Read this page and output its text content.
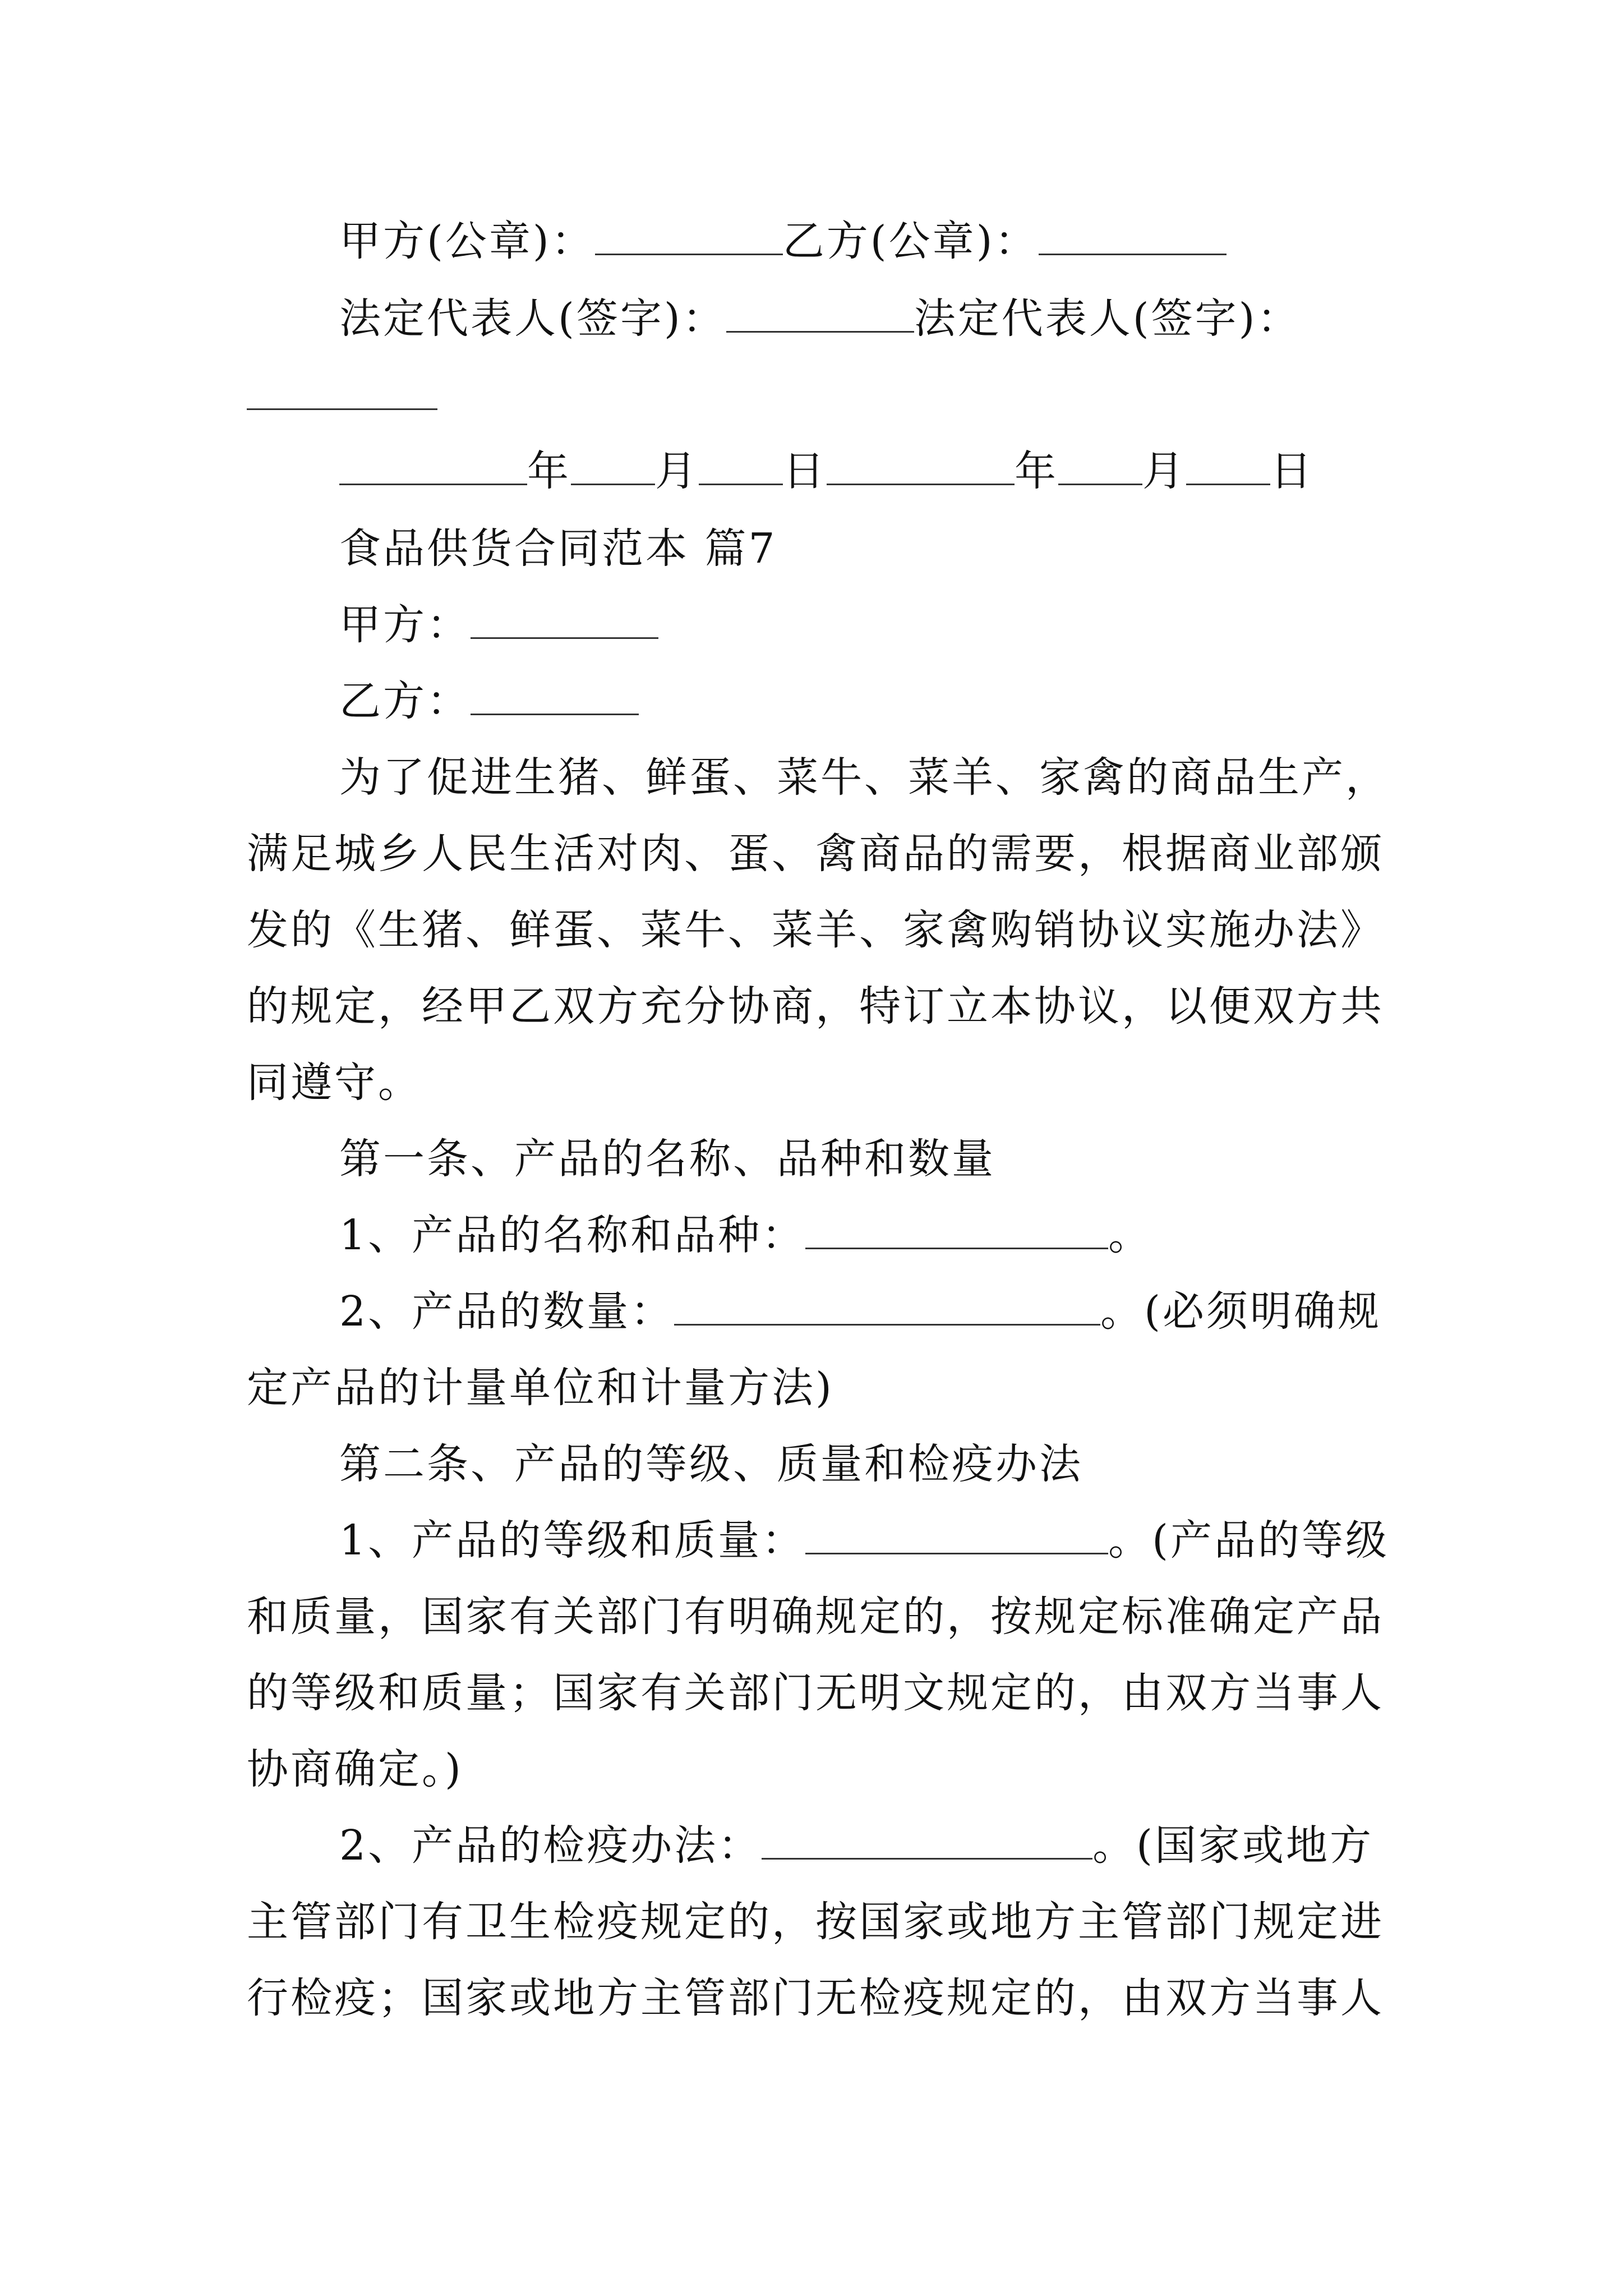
甲方(公章)：	乙方(公章)：
法定代表人(签字)：	法定代表人(签字)：
年 月 日	年 月 日
食品供货合同范本 篇7
甲方：
乙方：
为了促进生猪、鲜蛋、菜牛、菜羊、家禽的商品生产，
满足城乡人民生活对肉、蛋、禽商品的需要，根据商业部颁
发的《生猪、鲜蛋、菜牛、菜羊、家禽购销协议实施办法》
的规定，经甲乙双方充分协商，特订立本协议，以便双方共
同遵守。
第一条、产品的名称、品种和数量
1、产品的名称和品种：	。
2、产品的数量：	。(必须明确规
定产品的计量单位和计量方法)
第二条、产品的等级、质量和检疫办法
1、产品的等级和质量：	。(产品的等级
和质量，国家有关部门有明确规定的，按规定标准确定产品
的等级和质量；国家有关部门无明文规定的，由双方当事人
协商确定。)
2、产品的检疫办法：	。(国家或地方
主管部门有卫生检疫规定的，按国家或地方主管部门规定进
行检疫；国家或地方主管部门无检疫规定的，由双方当事人
